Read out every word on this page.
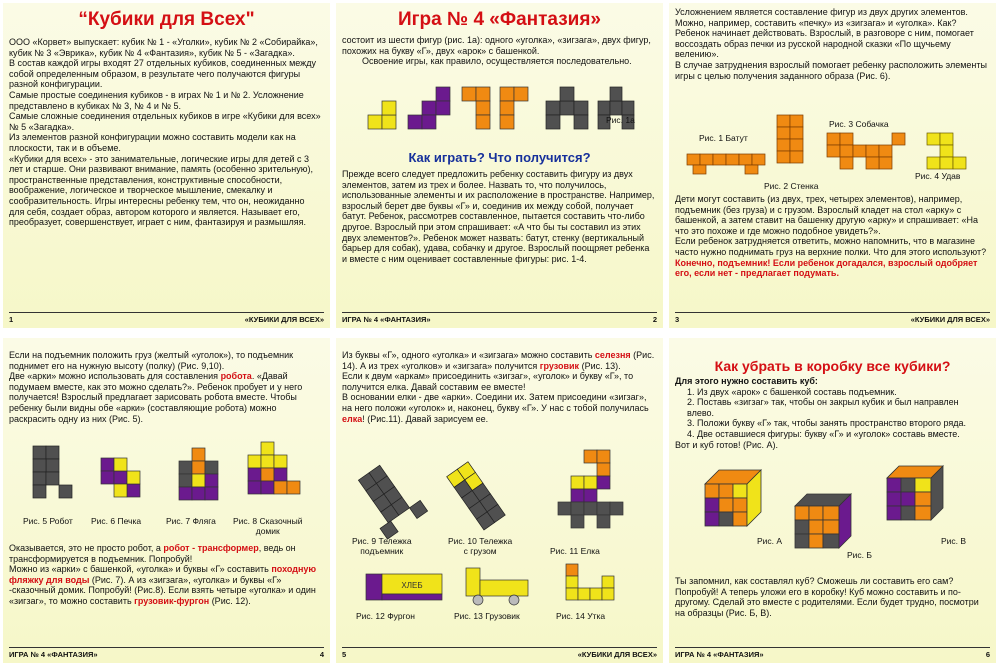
“Кубики для Всех"
ООО «Корвет» выпускает: кубик № 1 - «Уголки», кубик № 2 «Собирайка», кубик № 3 «Эврика», кубик № 4 «Фантазия», кубик № 5 - «Загадка».
В состав каждой игры входят 27 отдельных кубиков, соединенных между собой определенным образом, в результате чего получаются фигуры разной конфигурации.
Самые простые соединения кубиков - в играх № 1 и № 2. Усложнение представлено в кубиках № 3, № 4 и № 5.
Самые сложные соединения отдельных кубиков в игре «Кубики для всех» № 5 «Загадка».
Из элементов разной конфигурации можно составить модели как на плоскости, так и в объеме.
«Кубики для всех» - это занимательные, логические игры для детей с 3 лет и старше. Они развивают внимание, память (особенно зрительную), пространственные представления, конструктивные способности, воображение, логическое и творческое мышление, смекалку и сообразительность. Игры интересны ребенку тем, что он, неожиданно для себя, создает образ, автором которого и является. Называет его, преобразует, совершенствует, играет с ним, фантазируя и размышляя.
1	«КУБИКИ ДЛЯ ВСЕХ»
Игра № 4 «Фантазия»
состоит из шести фигур (рис. 1а): одного «уголка», «зигзага», двух фигур, похожих на букву «Г», двух «арок» с башенкой.
Освоение игры, как правило, осуществляется последовательно.
Рис. 1а
Как играть? Что получится?
Прежде всего следует предложить ребенку составить фигуру из двух элементов, затем из трех и более. Назвать то, что получилось, использованные элементы и их расположение в пространстве. Например, взрослый берет две буквы «Г» и, соединив их между собой, получает батут. Ребенок, рассмотрев составленное, пытается составить что-либо другое. Взрослый при этом спрашивает: «А что бы ты составил из этих двух элементов?». Ребенок может назвать: батут, стенку (вертикальный барьер для собак), удава, собачку и другое. Взрослый поощряет ребенка и вместе с ним оценивает составленные фигуры: рис. 1-4.
ИГРА № 4 «ФАНТАЗИЯ»	2
Усложнением является составление фигур из двух других элементов. Можно, например, составить «печку» из «зигзага» и «уголка». Как? Ребенок начинает действовать. Взрослый, в разговоре с ним, помогает воссоздать образ печки из русской народной сказки «По щучьему велению».
В случае затруднения взрослый помогает ребенку расположить элементы игры с целью получения заданного образа (Рис. 6).
Рис. 1 Батут
Рис. 2 Стенка
Рис. 3 Собачка
Рис. 4 Удав
Дети могут составить (из двух, трех, четырех элементов), например, подъемник (без груза) и с грузом. Взрослый кладет на стол «арку» с башенкой, а затем ставит на башенку другую «арку» и спрашивает: «На что это похоже и где можно подобное увидеть?».
Если ребенок затрудняется ответить, можно напомнить, что в магазине часто нужно поднимать груз на верхние полки. Что для этого используют? Конечно, подъемник! Если ребенок догадался, взрослый одобряет его, если нет - предлагает подумать.
3	«КУБИКИ ДЛЯ ВСЕХ»
Если на подъемник положить груз (желтый «уголок»), то подъемник поднимет его на нужную высоту (полку) (Рис. 9,10).
Две «арки» можно использовать для составления робота. «Давай подумаем вместе, как это можно сделать?». Ребенок пробует и у него получается! Взрослый предлагает зарисовать робота вместе. Чтобы ребенку были видны обе «арки» (составляющие робота) можно раскрасить одну из них (Рис. 5).
Рис. 5 Робот Рис. 6 Печка	Рис. 7 Фляга Рис. 8 Сказочный
домик
Оказывается, это не просто робот, а робот - трансформер, ведь он трансформируется в подъемник. Попробуй!
Можно из «арки» с башенкой, «уголка» и буквы «Г» составить походную фляжку для воды (Рис. 7). А из «зигзага», «уголка» и буквы «Г» -сказочный домик. Попробуй! (Рис.8). Если взять четыре «уголка» и один «зигзаг», то можно составить грузовик-фургон (Рис. 12).
ИГРА № 4 «ФАНТАЗИЯ»	4
Из буквы «Г», одного «уголка» и «зигзага» можно составить селезня (Рис. 14). А из трех «уголков» и «зигзага» получится грузовик (Рис. 13).
Если к двум «аркам» присоединить «зигзаг», «уголок» и букву «Г», то получится елка. Давай составим ее вместе!
В основании елки - две «арки». Соедини их. Затем присоедини «зигзаг», на него положи «уголок» и, наконец, букву «Г». У нас с тобой получилась елка! (Рис.11). Давай зарисуем ее.
Рис. 9 Тележка
подъемник
Рис. 10 Тележка
с грузом	Рис. 11 Елка
ХЛЕБ
Рис. 12 Фургон	Рис. 13 Грузовик	Рис. 14 Утка
5	«КУБИКИ ДЛЯ ВСЕХ»
Как убрать в коробку все кубики?
Для этого нужно составить куб:
1. Из двух «арок» с башенкой составь подъемник.
2. Поставь «зигзаг» так, чтобы он закрыл кубик и был направлен влево.
3. Положи букву «Г» так, чтобы занять пространство второго ряда.
4. Две оставшиеся фигуры: букву «Г» и «уголок» составь вместе.
Вот и куб готов! (Рис. А).
Рис. А
Рис. Б
Рис. В
Ты запомнил, как составлял куб? Сможешь ли составить его сам? Попробуй! А теперь уложи его в коробку! Куб можно составить и по-другому. Сделай это вместе с родителями. Если будет трудно, посмотри на образцы (Рис. Б, В).
ИГРА № 4 «ФАНТАЗИЯ»	6
